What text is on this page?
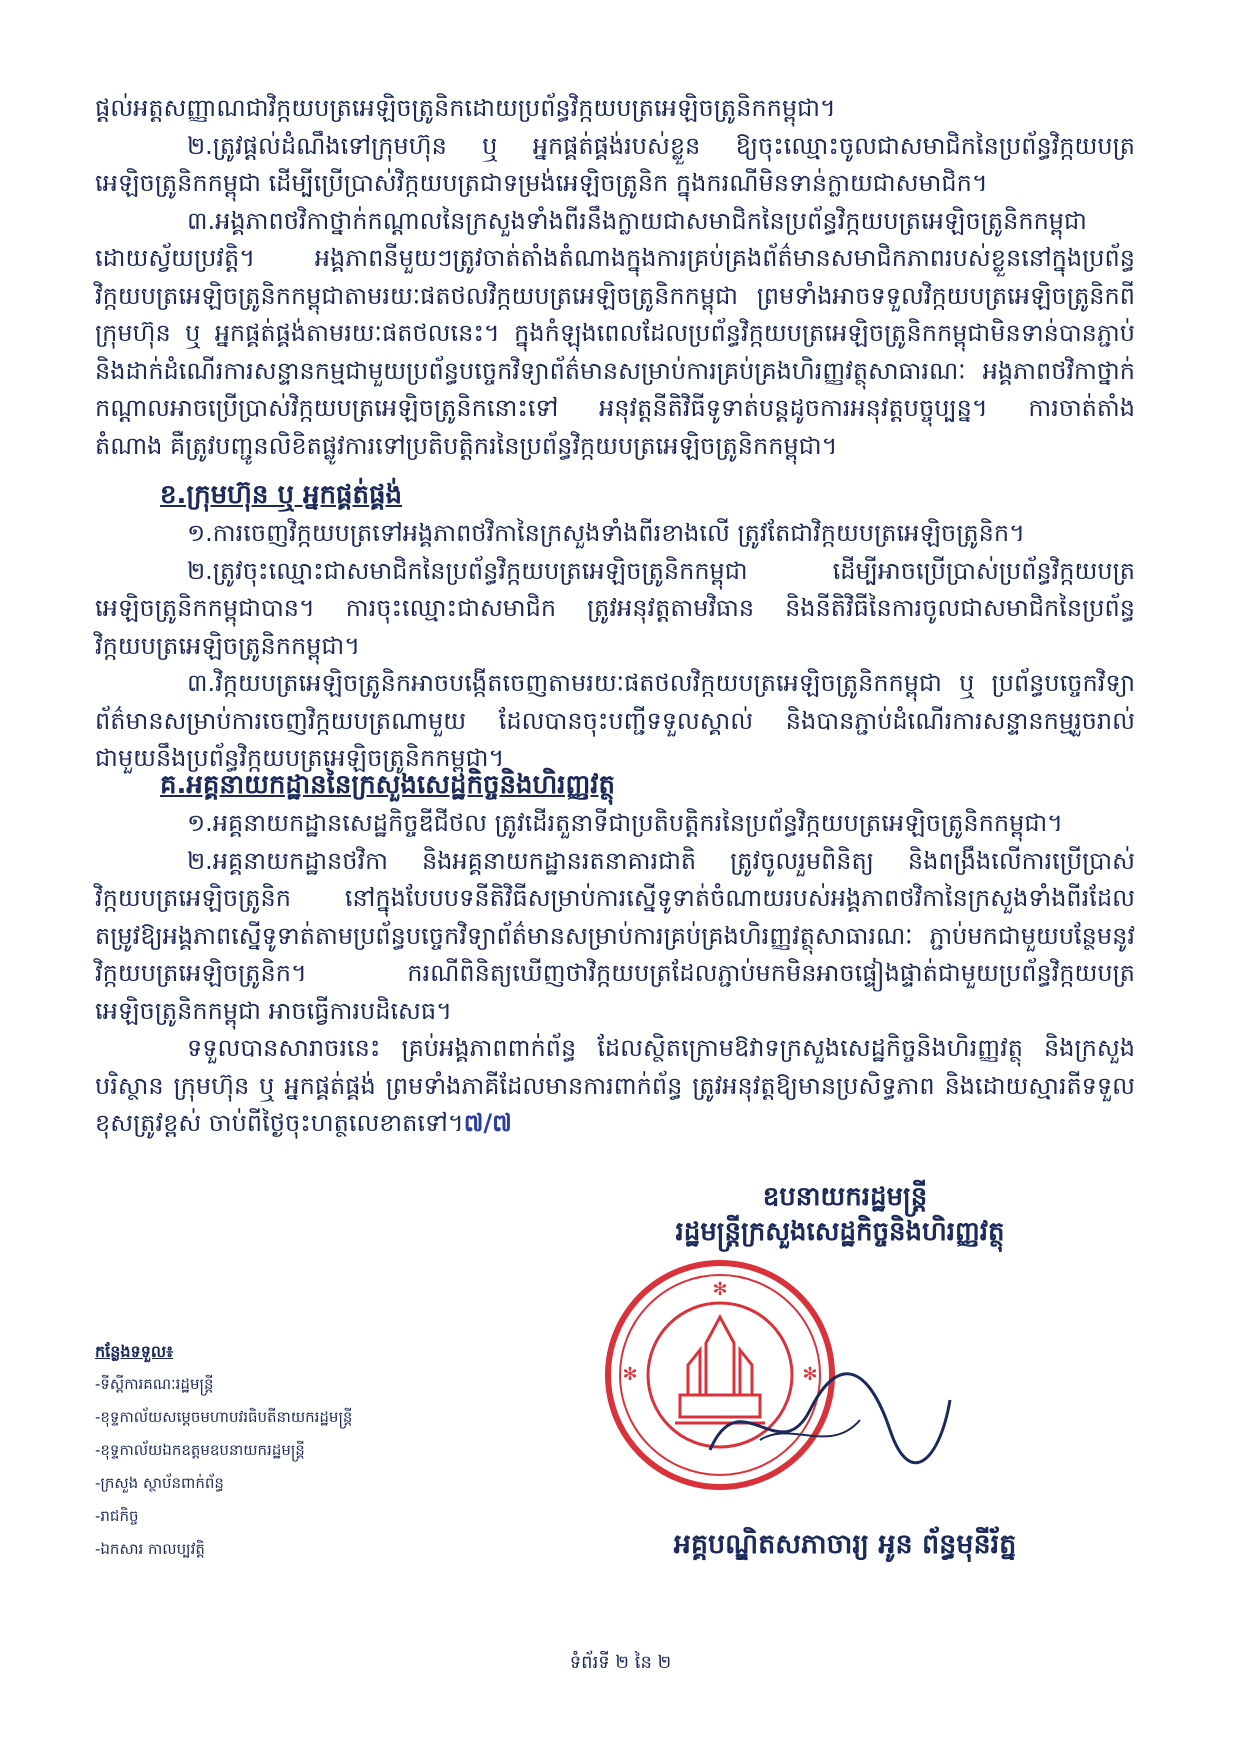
ផ្តល់អត្តសញ្ញាណជាវិក្កយបត្រអេឡិចត្រូនិកដោយប្រព័ន្ធវិក្កយបត្រអេឡិចត្រូនិកកម្ពុជា។

២.ត្រូវផ្តល់ដំណឹងទៅក្រុមហ៊ុន ឬ អ្នកផ្គត់ផ្គង់របស់ខ្លួន ឱ្យចុះឈ្មោះចូលជាសមាជិកនៃប្រព័ន្ធវិក្កយបត្រអេឡិចត្រូនិកកម្ពុជា ដើម្បីប្រើប្រាស់វិក្កយបត្រជាទម្រង់អេឡិចត្រូនិក ក្នុងករណីមិនទាន់ក្លាយជាសមាជិក។

៣.អង្គភាពថវិកាថ្នាក់កណ្តាលនៃក្រសួងទាំងពីរនឹងក្លាយជាសមាជិកនៃប្រព័ន្ធវិក្កយបត្រអេឡិចត្រូនិកកម្ពុជាដោយស្វ័យប្រវត្តិ។ អង្គភាពនីមួយៗត្រូវចាត់តាំងតំណាងក្នុងការគ្រប់គ្រងព័ត៌មានសមាជិកភាពរបស់ខ្លួននៅក្នុងប្រព័ន្ធវិក្កយបត្រអេឡិចត្រូនិកកម្ពុជាតាមរយៈផតថលវិក្កយបត្រអេឡិចត្រូនិកកម្ពុជា ព្រមទាំងអាចទទួលវិក្កយបត្រអេឡិចត្រូនិកពីក្រុមហ៊ុន ឬ អ្នកផ្គត់ផ្គង់តាមរយៈផតថលនេះ។ ក្នុងកំឡុងពេលដែលប្រព័ន្ធវិក្កយបត្រអេឡិចត្រូនិកកម្ពុជាមិនទាន់បានភ្ជាប់ និងដាក់ដំណើរការសន្ទានកម្មជាមួយប្រព័ន្ធបច្ចេកវិទ្យាព័ត៌មានសម្រាប់ការគ្រប់គ្រងហិរញ្ញវត្ថុសាធារណៈ អង្គភាពថវិកាថ្នាក់កណ្តាលអាចប្រើប្រាស់វិក្កយបត្រអេឡិចត្រូនិកនោះទៅ អនុវត្តនីតិវិធីទូទាត់បន្តដូចការអនុវត្តបច្ចុប្បន្ន។ ការចាត់តាំងតំណាង គឺត្រូវបញ្ជូនលិខិតផ្លូវការទៅប្រតិបត្តិករនៃប្រព័ន្ធវិក្កយបត្រអេឡិចត្រូនិកកម្ពុជា។

ខ.ក្រុមហ៊ុន ឬ អ្នកផ្គត់ផ្គង់

១.ការចេញវិក្កយបត្រទៅអង្គភាពថវិកានៃក្រសួងទាំងពីរខាងលើ ត្រូវតែជាវិក្កយបត្រអេឡិចត្រូនិក។

២.ត្រូវចុះឈ្មោះជាសមាជិកនៃប្រព័ន្ធវិក្កយបត្រអេឡិចត្រូនិកកម្ពុជា ដើម្បីអាចប្រើប្រាស់ប្រព័ន្ធវិក្កយបត្រអេឡិចត្រូនិកកម្ពុជាបាន។ ការចុះឈ្មោះជាសមាជិក ត្រូវអនុវត្តតាមវិធាន និងនីតិវិធីនៃការចូលជាសមាជិកនៃប្រព័ន្ធវិក្កយបត្រអេឡិចត្រូនិកកម្ពុជា។

៣.វិក្កយបត្រអេឡិចត្រូនិកអាចបង្កើតចេញតាមរយៈផតថលវិក្កយបត្រអេឡិចត្រូនិកកម្ពុជា ឬ ប្រព័ន្ធបច្ចេកវិទ្យាព័ត៌មានសម្រាប់ការចេញវិក្កយបត្រណាមួយ ដែលបានចុះបញ្ជីទទួលស្គាល់ និងបានភ្ជាប់ដំណើរការសន្ទានកម្មរួចរាល់ជាមួយនឹងប្រព័ន្ធវិក្កយបត្រអេឡិចត្រូនិកកម្ពុជា។

គ.អគ្គនាយកដ្ឋាននៃក្រសួងសេដ្ឋកិច្ចនិងហិរញ្ញវត្ថុ

១.អគ្គនាយកដ្ឋានសេដ្ឋកិច្ចឌីជីថល ត្រូវដើរតួនាទីជាប្រតិបត្តិករនៃប្រព័ន្ធវិក្កយបត្រអេឡិចត្រូនិកកម្ពុជា។

២.អគ្គនាយកដ្ឋានថវិកា និងអគ្គនាយកដ្ឋានរតនាគារជាតិ ត្រូវចូលរួមពិនិត្យ និងពង្រឹងលើការប្រើប្រាស់វិក្កយបត្រអេឡិចត្រូនិក នៅក្នុងបែបបទនីតិវិធីសម្រាប់ការស្នើទូទាត់ចំណាយរបស់អង្គភាពថវិកានៃក្រសួងទាំងពីរដែលតម្រូវឱ្យអង្គភាពស្នើទូទាត់តាមប្រព័ន្ធបច្ចេកវិទ្យាព័ត៌មានសម្រាប់ការគ្រប់គ្រងហិរញ្ញវត្ថុសាធារណៈ ភ្ជាប់មកជាមួយបន្ថែមនូវវិក្កយបត្រអេឡិចត្រូនិក។ ករណីពិនិត្យឃើញថាវិក្កយបត្រដែលភ្ជាប់មកមិនអាចផ្ទៀងផ្ទាត់ជាមួយប្រព័ន្ធវិក្កយបត្រអេឡិចត្រូនិកកម្ពុជា អាចធ្វើការបដិសេធ។

ទទួលបានសារាចរនេះ គ្រប់អង្គភាពពាក់ព័ន្ធ ដែលស្ថិតក្រោមឱវាទក្រសួងសេដ្ឋកិច្ចនិងហិរញ្ញវត្ថុ និងក្រសួងបរិស្ថាន ក្រុមហ៊ុន ឬ អ្នកផ្គត់ផ្គង់ ព្រមទាំងភាគីដែលមានការពាក់ព័ន្ធ ត្រូវអនុវត្តឱ្យមានប្រសិទ្ធភាព និងដោយស្មារតីទទួលខុសត្រូវខ្ពស់ ចាប់ពីថ្ងៃចុះហត្ថលេខាតទៅ។៧/៧

✻
✻	✻
ឧបនាយករដ្ឋមន្ត្រី
រដ្ឋមន្ត្រីក្រសួងសេដ្ឋកិច្ចនិងហិរញ្ញវត្ថុ
អគ្គបណ្ឌិតសភាចារ្យ អូន ព័ន្ធមុនីរ័ត្ន
កន្លែងទទួល៖
-ទីស្តីការគណៈរដ្ឋមន្ត្រី
-ខុទ្ទកាល័យសម្តេចមហាបវរធិបតីនាយករដ្ឋមន្ត្រី
-ខុទ្ទកាល័យឯកឧត្តមឧបនាយករដ្ឋមន្ត្រី
-ក្រសួង ស្ថាប័នពាក់ព័ន្ធ
-រាជកិច្ច
-ឯកសារ កាលប្បវត្តិ
ទំព័រទី ២ នៃ ២
